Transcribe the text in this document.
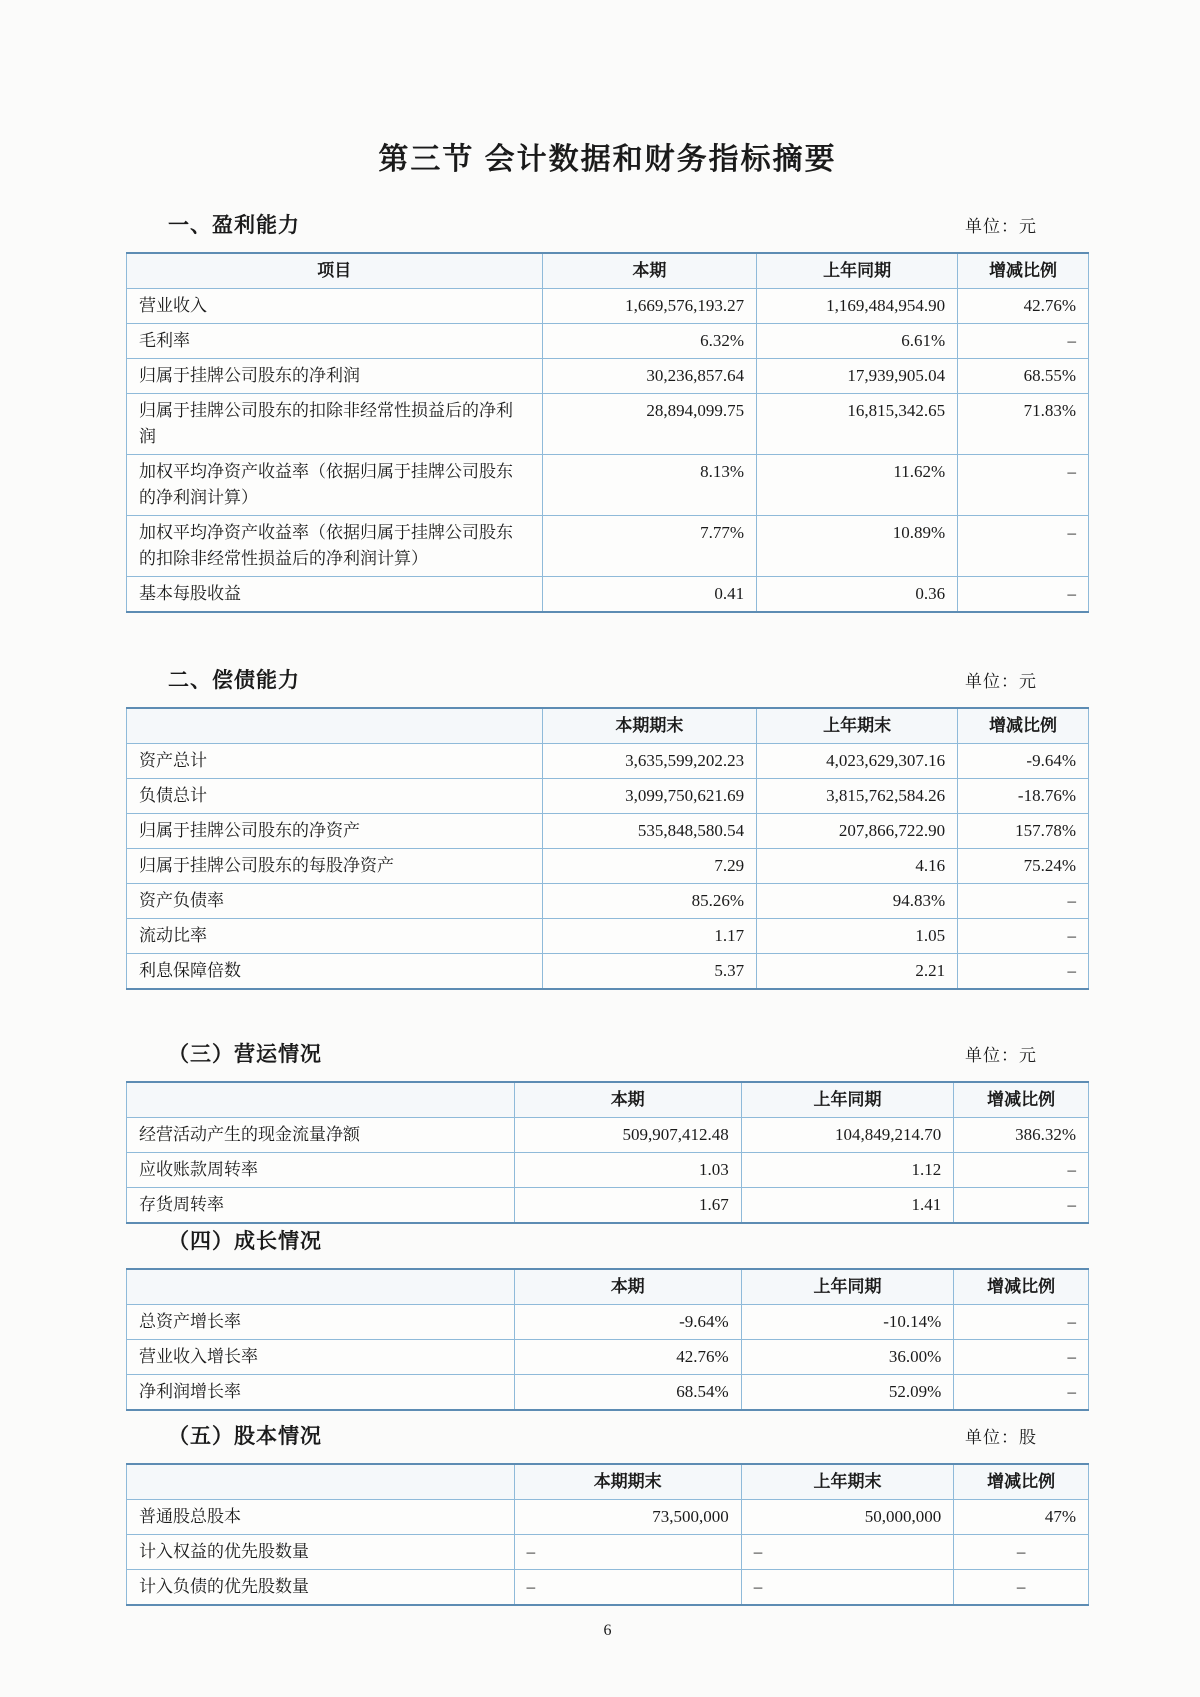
第三节 会计数据和财务指标摘要
一、盈利能力	单位：元
项目	本期	上年同期	增减比例
营业收入	1,669,576,193.27	1,169,484,954.90	42.76%
毛利率	6.32%	6.61%	–
归属于挂牌公司股东的净利润	30,236,857.64	17,939,905.04	68.55%
归属于挂牌公司股东的扣除非经常性损益后的净利润	28,894,099.75	16,815,342.65	71.83%
加权平均净资产收益率（依据归属于挂牌公司股东的净利润计算）	8.13%	11.62%	–
加权平均净资产收益率（依据归属于挂牌公司股东的扣除非经常性损益后的净利润计算）	7.77%	10.89%	–
基本每股收益	0.41	0.36	–
二、偿债能力	单位：元
	本期期末	上年期末	增减比例
资产总计	3,635,599,202.23	4,023,629,307.16	-9.64%
负债总计	3,099,750,621.69	3,815,762,584.26	-18.76%
归属于挂牌公司股东的净资产	535,848,580.54	207,866,722.90	157.78%
归属于挂牌公司股东的每股净资产	7.29	4.16	75.24%
资产负债率	85.26%	94.83%	–
流动比率	1.17	1.05	–
利息保障倍数	5.37	2.21	–
（三）营运情况	单位：元
	本期	上年同期	增减比例
经营活动产生的现金流量净额	509,907,412.48	104,849,214.70	386.32%
应收账款周转率	1.03	1.12	–
存货周转率	1.67	1.41	–
（四）成长情况
	本期	上年同期	增减比例
总资产增长率	-9.64%	-10.14%	–
营业收入增长率	42.76%	36.00%	–
净利润增长率	68.54%	52.09%	–
（五）股本情况	单位：股
	本期期末	上年期末	增减比例
普通股总股本	73,500,000	50,000,000	47%
计入权益的优先股数量	–	–	–
计入负债的优先股数量	–	–	–
6
